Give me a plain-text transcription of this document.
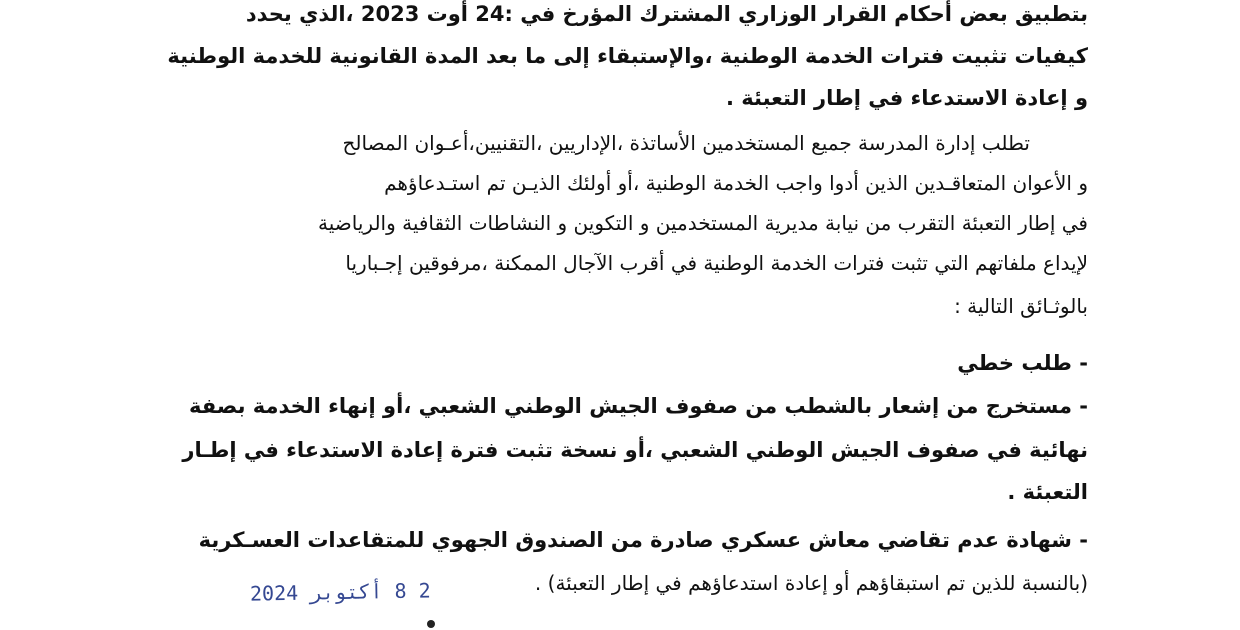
بتطبيق بعض أحكام القرار الوزاري المشترك المؤرخ في :24 أوت 2023 ،الذي يحدد
كيفيات تثبيت فترات الخدمة الوطنية ،والإستبقاء إلى ما بعد المدة القانونية للخدمة الوطنية
و إعادة الاستدعاء في إطار التعبئة .
تطلب إدارة المدرسة جميع المستخدمين الأساتذة ،الإداريين ،التقنيين،أعـوان المصالح
و الأعوان المتعاقـدين الذين أدوا واجب الخدمة الوطنية ،أو أولئك الذيـن تم استـدعاؤهم
في إطار التعبئة التقرب من نيابة مديرية المستخدمين و التكوين و النشاطات الثقافية والرياضية
لإيداع ملفاتهم التي تثبت فترات الخدمة الوطنية في أقرب الآجال الممكنة ،مرفوقين إجـباريا
بالوثـائق التالية :
- طلب خطي
- مستخرج من إشعار بالشطب من صفوف الجيش الوطني الشعبي ،أو إنهاء الخدمة بصفة
نهائية في صفوف الجيش الوطني الشعبي ،أو نسخة تثبت فترة إعادة الاستدعاء في إطـار
التعبئة .
- شهادة عدم تقاضي معاش عسكري صادرة من الصندوق الجهوي للمتقاعدات العسـكرية
(بالنسبة للذين تم استبقاؤهم أو إعادة استدعاؤهم في إطار التعبئة) .
2 8 أكتوبر 2024
